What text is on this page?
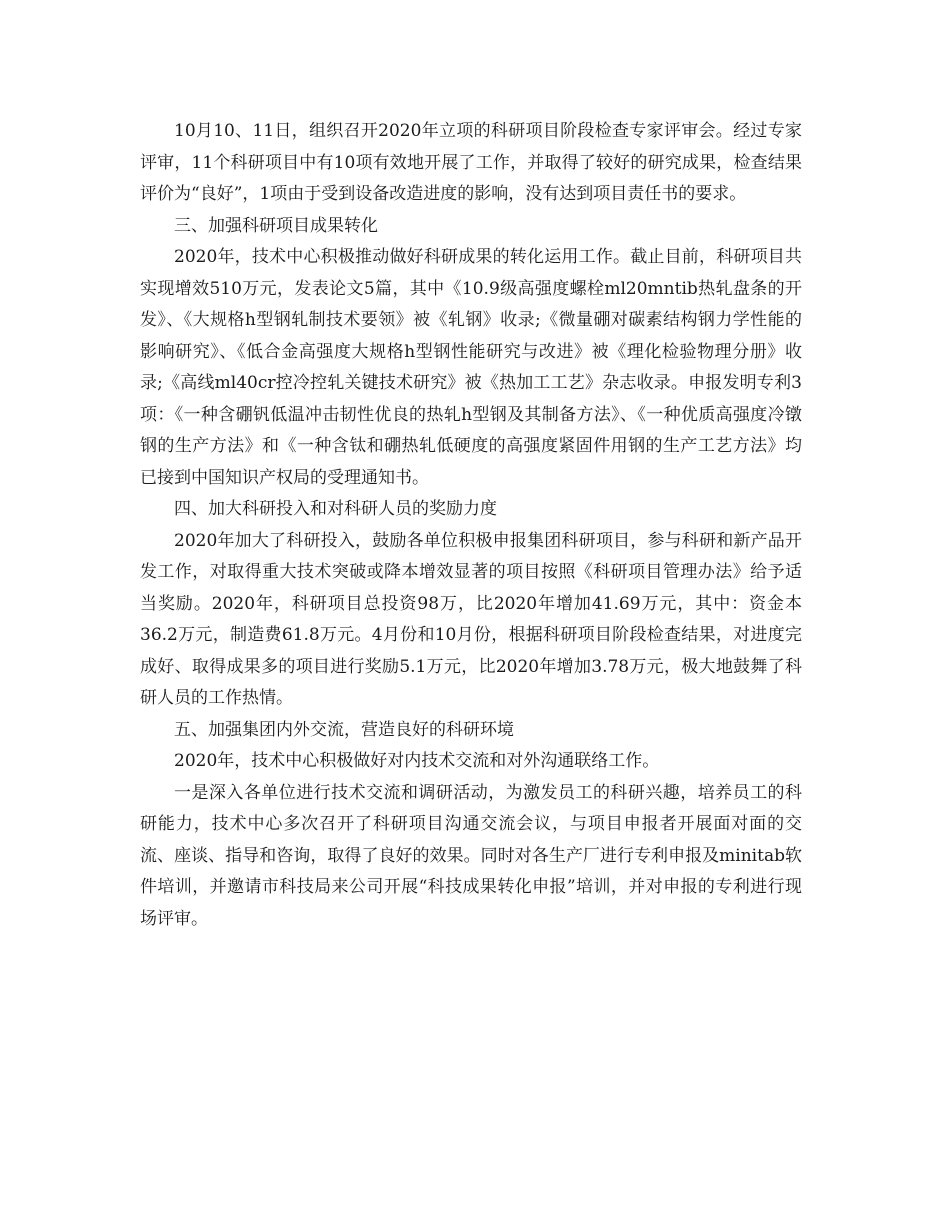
10月10、11日，组织召开2020年立项的科研项目阶段检查专家评审会。经过专家评审，11个科研项目中有10项有效地开展了工作，并取得了较好的研究成果，检查结果评价为“良好”，1项由于受到设备改造进度的影响，没有达到项目责任书的要求。

三、加强科研项目成果转化

2020年，技术中心积极推动做好科研成果的转化运用工作。截止目前，科研项目共实现增效510万元，发表论文5篇，其中《10.9级高强度螺栓ml20mntib热轧盘条的开发》、《大规格h型钢轧制技术要领》被《轧钢》收录;《微量硼对碳素结构钢力学性能的影响研究》、《低合金高强度大规格h型钢性能研究与改进》被《理化检验物理分册》收录;《高线ml40cr控冷控轧关键技术研究》被《热加工工艺》杂志收录。申报发明专利3项：《一种含硼钒低温冲击韧性优良的热轧h型钢及其制备方法》、《一种优质高强度冷镦钢的生产方法》和《一种含钛和硼热轧低硬度的高强度紧固件用钢的生产工艺方法》均已接到中国知识产权局的受理通知书。

四、加大科研投入和对科研人员的奖励力度

2020年加大了科研投入，鼓励各单位积极申报集团科研项目，参与科研和新产品开发工作，对取得重大技术突破或降本增效显著的项目按照《科研项目管理办法》给予适当奖励。2020年，科研项目总投资98万，比2020年增加41.69万元，其中：资金本36.2万元，制造费61.8万元。4月份和10月份，根据科研项目阶段检查结果，对进度完成好、取得成果多的项目进行奖励5.1万元，比2020年增加3.78万元，极大地鼓舞了科研人员的工作热情。

五、加强集团内外交流，营造良好的科研环境

2020年，技术中心积极做好对内技术交流和对外沟通联络工作。

一是深入各单位进行技术交流和调研活动，为激发员工的科研兴趣，培养员工的科研能力，技术中心多次召开了科研项目沟通交流会议，与项目申报者开展面对面的交流、座谈、指导和咨询，取得了良好的效果。同时对各生产厂进行专利申报及minitab软件培训，并邀请市科技局来公司开展“科技成果转化申报”培训，并对申报的专利进行现场评审。
